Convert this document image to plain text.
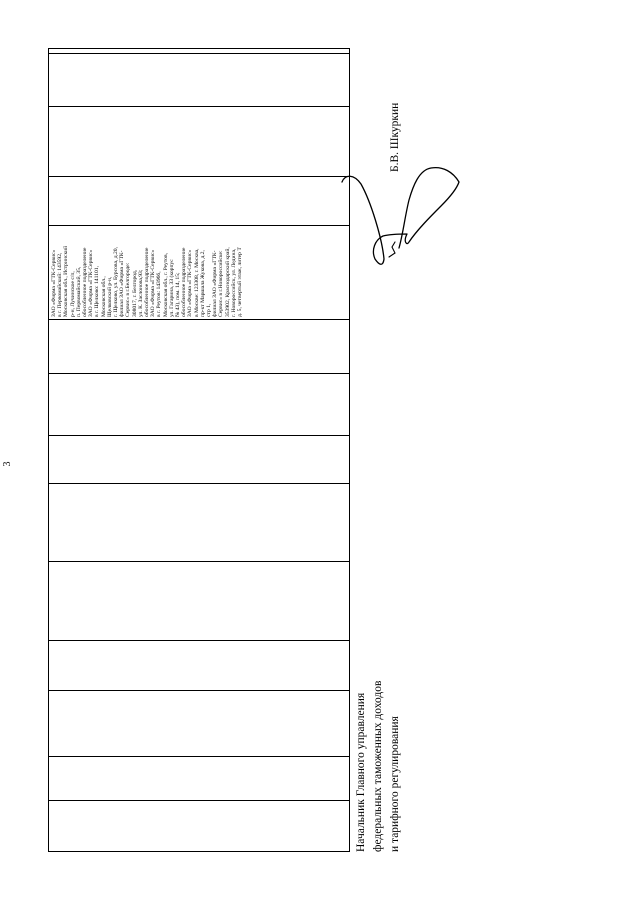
3
ЗАО «Фирма «ГТК-Сервис»
в г. Первомайский: 143592,
Московская обл., Истринский
р-н, Лучинское с/п,
п. Первомайский, 35,
обособленное подразделение
ЗАО «Фирма «ГТК-Сервис»
в г. Щелково: 141101,
Московская обл.,
Щелковский р-н,
г. Щелково, ул. Бурсова, д.20,
филиал ЗАО «Фирма «ГТК-
Сервис» в г.Белгороде:
308017, г. Белгород,
ул. К. Заслонова,93;
обособленное подразделение
ЗАО «Фирма «ГТК-Сервис»
в г. Реутов: 143966,
Московская обл., г. Реутов,
ул. Гагарина, 33 (корпус
№ 43), пом. 14, 15;
обособленное подразделение
ЗАО «Фирма «ГТК-Сервис»
в Москве: 123308, г. Москва,
пр-кт Маршала Жукова, д.2,
стр 1,
филиал ЗАО «Фирма «ГТК-
Сервис» в г.Новороссийске:
353902, Краснодарский край,
г. Новороссийск, ул. Ледина,
д. 5, четвертый этаж, литер Т
Начальник Главного управления федеральных таможенных доходов и тарифного регулирования
Б.В. Шкуркин
